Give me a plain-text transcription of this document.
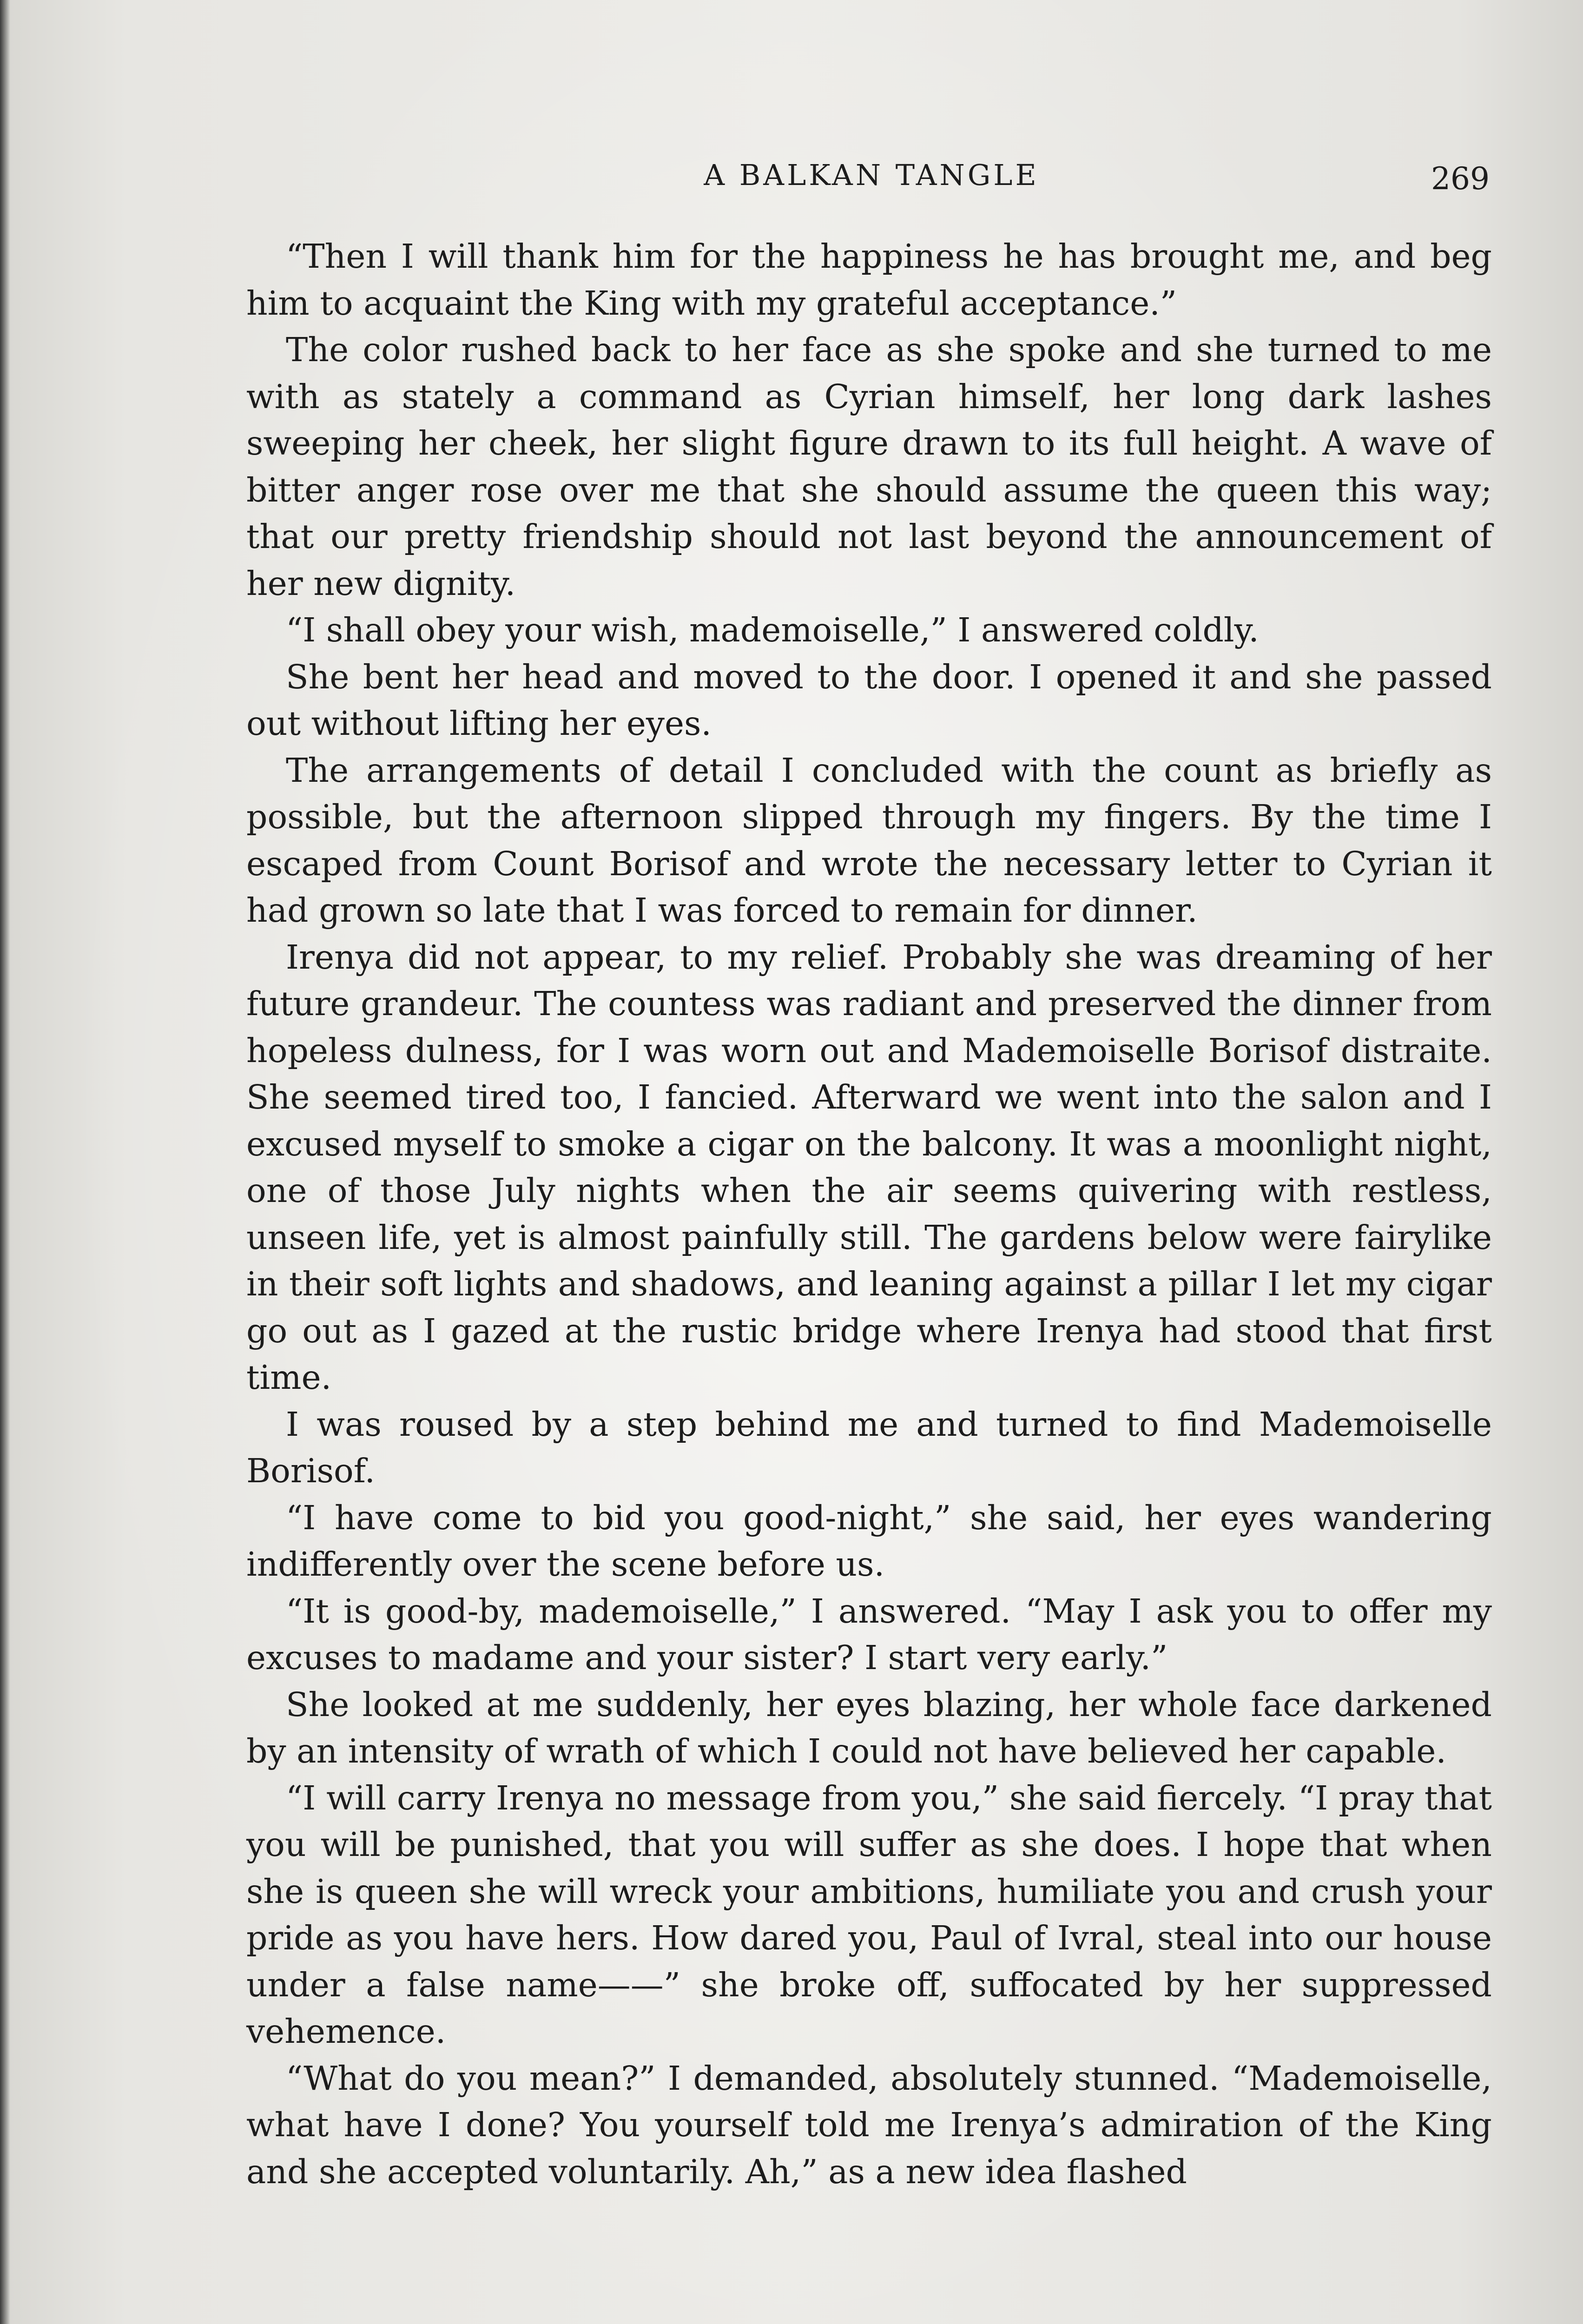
A BALKAN TANGLE	269

“Then I will thank him for the happiness he has brought me, and beg him to acquaint the King with my grateful acceptance.”

The color rushed back to her face as she spoke and she turned to me with as stately a command as Cyrian himself, her long dark lashes sweeping her cheek, her slight figure drawn to its full height. A wave of bitter anger rose over me that she should assume the queen this way; that our pretty friendship should not last beyond the announcement of her new dignity.

“I shall obey your wish, mademoiselle,” I answered coldly.

She bent her head and moved to the door. I opened it and she passed out without lifting her eyes.

The arrangements of detail I concluded with the count as briefly as possible, but the afternoon slipped through my fingers. By the time I escaped from Count Borisof and wrote the necessary letter to Cyrian it had grown so late that I was forced to remain for dinner.

Irenya did not appear, to my relief. Probably she was dreaming of her future grandeur. The countess was radiant and preserved the dinner from hopeless dulness, for I was worn out and Mademoiselle Borisof distraite. She seemed tired too, I fancied. Afterward we went into the salon and I excused myself to smoke a cigar on the balcony. It was a moonlight night, one of those July nights when the air seems quivering with restless, unseen life, yet is almost painfully still. The gardens below were fairylike in their soft lights and shadows, and leaning against a pillar I let my cigar go out as I gazed at the rustic bridge where Irenya had stood that first time.

I was roused by a step behind me and turned to find Mademoiselle Borisof.

“I have come to bid you good-night,” she said, her eyes wandering indifferently over the scene before us.

“It is good-by, mademoiselle,” I answered. “May I ask you to offer my excuses to madame and your sister? I start very early.”

She looked at me suddenly, her eyes blazing, her whole face darkened by an intensity of wrath of which I could not have believed her capable.

“I will carry Irenya no message from you,” she said fiercely. “I pray that you will be punished, that you will suffer as she does. I hope that when she is queen she will wreck your ambitions, humiliate you and crush your pride as you have hers. How dared you, Paul of Ivral, steal into our house under a false name——” she broke off, suffocated by her suppressed vehemence.

“What do you mean?” I demanded, absolutely stunned. “Mademoiselle, what have I done? You yourself told me Irenya’s admiration of the King and she accepted voluntarily. Ah,” as a new idea flashed
